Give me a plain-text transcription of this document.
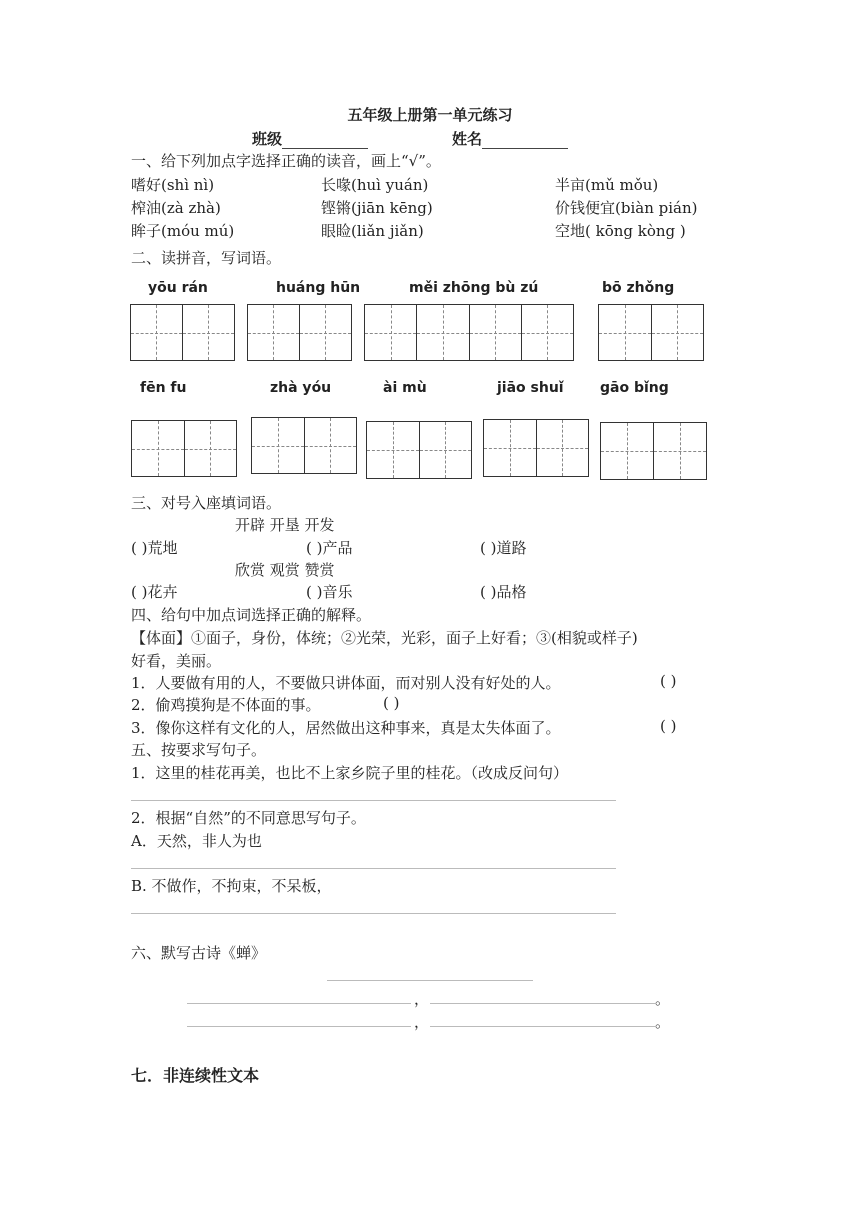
五年级上册第一单元练习
班级	姓名
一、给下列加点字选择正确的读音，画上“√”。
嗜好(shì nì)	长喙(huì yuán)	半亩(mǔ mǒu)
榨油(zà zhà)	铿锵(jiān kēng)	价钱便宜(biàn pián)
眸子(móu mú)	眼睑(liǎn jiǎn)	空地( kōng kòng )
二、读拼音，写词语。
yōu rán	huáng hūn	měi zhōng bù zú	bō zhǒng
fēn fu	zhà yóu	ài mù	jiāo shuǐ	gāo bǐng
三、对号入座填词语。
开辟 开垦 开发
( )荒地	( )产品	( )道路
欣赏 观赏 赞赏
( )花卉	( )音乐	( )品格
四、给句中加点词选择正确的解释。
【体面】①面子，身份，体统；②光荣，光彩，面子上好看；③(相貌或样子)
好看，美丽。
1．人要做有用的人，不要做只讲体面，而对别人没有好处的人。	( )
2．偷鸡摸狗是不体面的事。	( )
3．像你这样有文化的人，居然做出这种事来，真是太失体面了。	( )
五、按要求写句子。
1．这里的桂花再美，也比不上家乡院子里的桂花。（改成反问句）
2．根据“自然”的不同意思写句子。
A．天然，非人为也
B. 不做作，不拘束，不呆板，
六、默写古诗《蝉》
，	。
，	。
七．非连续性文本
